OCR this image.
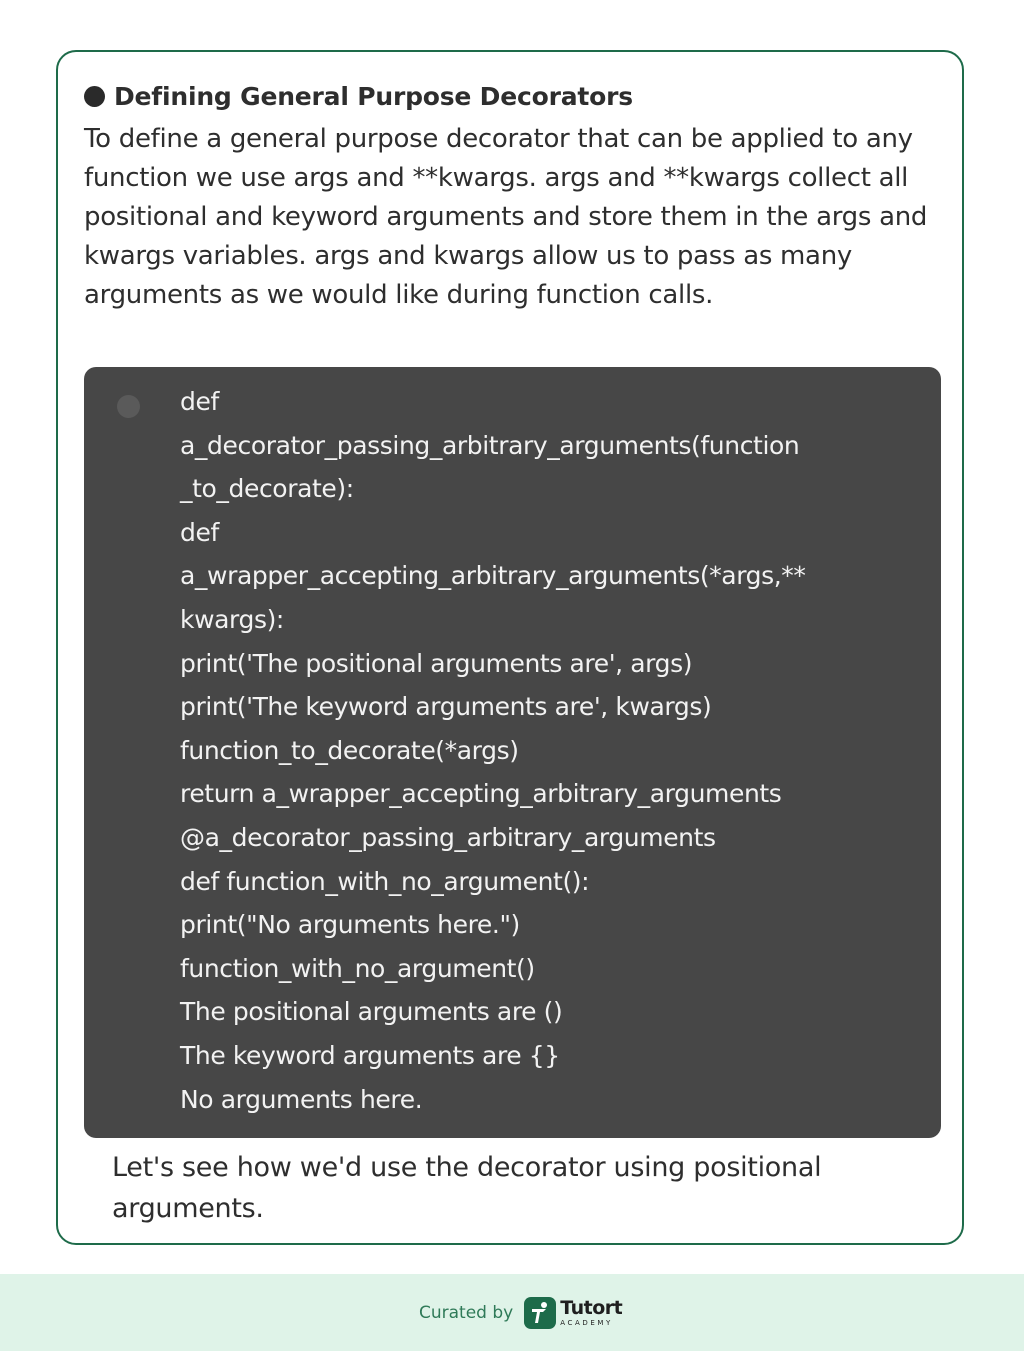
Defining General Purpose Decorators
To define a general purpose decorator that can be applied to any function we use args and **kwargs. args and **kwargs collect all positional and keyword arguments and store them in the args and kwargs variables. args and kwargs allow us to pass as many arguments as we would like during function calls.
def
a_decorator_passing_arbitrary_arguments(function
_to_decorate):
def
a_wrapper_accepting_arbitrary_arguments(*args,**
kwargs):
print('The positional arguments are', args)
print('The keyword arguments are', kwargs)
function_to_decorate(*args)
return a_wrapper_accepting_arbitrary_arguments
@a_decorator_passing_arbitrary_arguments
def function_with_no_argument():
print("No arguments here.")
function_with_no_argument()
The positional arguments are ()
The keyword arguments are {}
No arguments here.
Let's see how we'd use the decorator using positional arguments.
Curated by Tutort
ACADEMY
